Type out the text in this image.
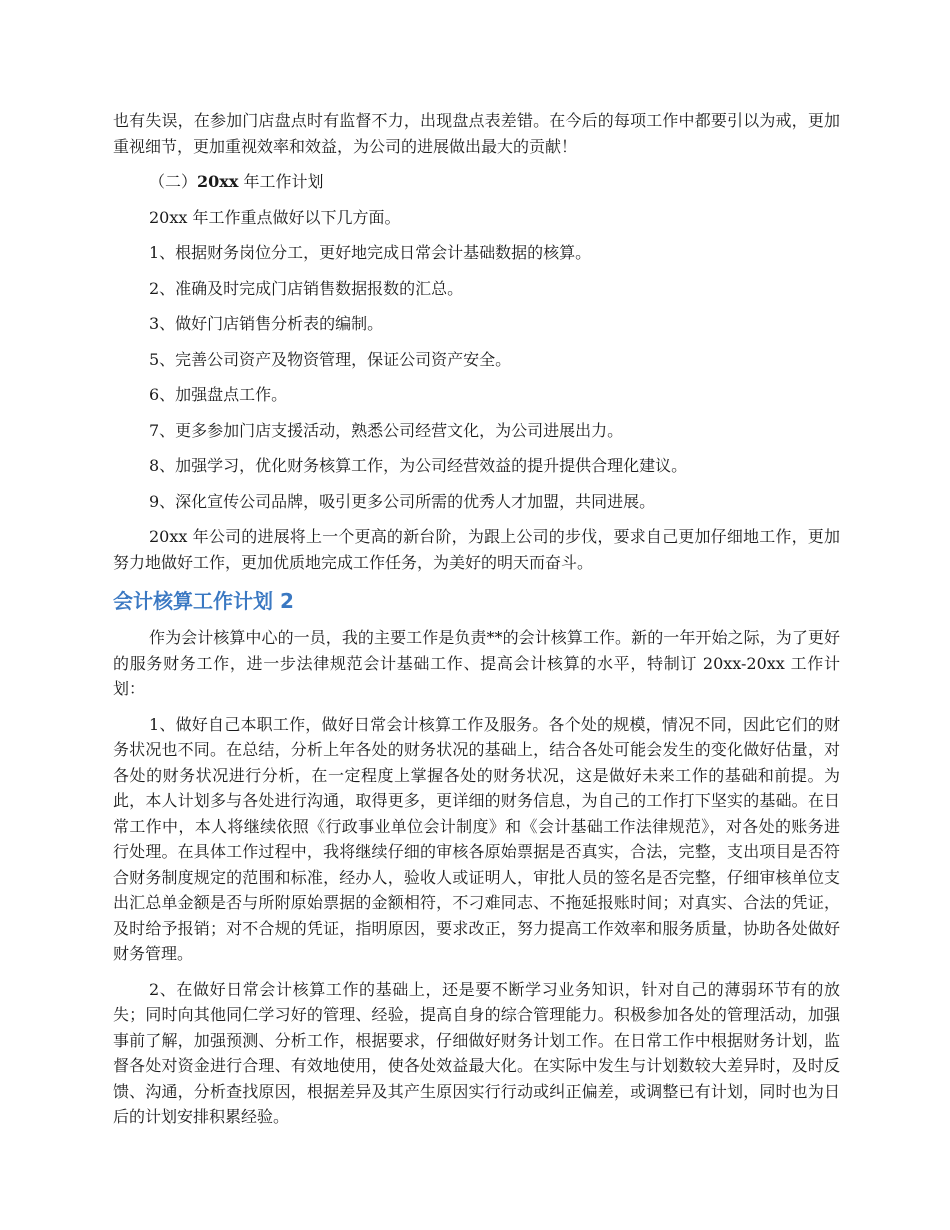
也有失误，在参加门店盘点时有监督不力，出现盘点表差错。在今后的每项工作中都要引以为戒，更加重视细节，更加重视效率和效益，为公司的进展做出最大的贡献！

（二）20xx 年工作计划

20xx 年工作重点做好以下几方面。

1、根据财务岗位分工，更好地完成日常会计基础数据的核算。

2、准确及时完成门店销售数据报数的汇总。

3、做好门店销售分析表的编制。

5、完善公司资产及物资管理，保证公司资产安全。

6、加强盘点工作。

7、更多参加门店支援活动，熟悉公司经营文化，为公司进展出力。

8、加强学习，优化财务核算工作，为公司经营效益的提升提供合理化建议。

9、深化宣传公司品牌，吸引更多公司所需的优秀人才加盟，共同进展。

20xx 年公司的进展将上一个更高的新台阶，为跟上公司的步伐，要求自己更加仔细地工作，更加努力地做好工作，更加优质地完成工作任务，为美好的明天而奋斗。

会计核算工作计划 2

作为会计核算中心的一员，我的主要工作是负责**的会计核算工作。新的一年开始之际，为了更好的服务财务工作，进一步法律规范会计基础工作、提高会计核算的水平，特制订 20xx-20xx 工作计划：

1、做好自己本职工作，做好日常会计核算工作及服务。各个处的规模，情况不同，因此它们的财务状况也不同。在总结，分析上年各处的财务状况的基础上，结合各处可能会发生的变化做好估量，对各处的财务状况进行分析，在一定程度上掌握各处的财务状况，这是做好未来工作的基础和前提。为此，本人计划多与各处进行沟通，取得更多，更详细的财务信息，为自己的工作打下坚实的基础。在日常工作中，本人将继续依照《行政事业单位会计制度》和《会计基础工作法律规范》，对各处的账务进行处理。在具体工作过程中，我将继续仔细的审核各原始票据是否真实，合法，完整，支出项目是否符合财务制度规定的范围和标准，经办人，验收人或证明人，审批人员的签名是否完整，仔细审核单位支出汇总单金额是否与所附原始票据的金额相符，不刁难同志、不拖延报账时间；对真实、合法的凭证，及时给予报销；对不合规的凭证，指明原因，要求改正，努力提高工作效率和服务质量，协助各处做好财务管理。

2、在做好日常会计核算工作的基础上，还是要不断学习业务知识，针对自己的薄弱环节有的放失；同时向其他同仁学习好的管理、经验，提高自身的综合管理能力。积极参加各处的管理活动，加强事前了解，加强预测、分析工作，根据要求，仔细做好财务计划工作。在日常工作中根据财务计划，监督各处对资金进行合理、有效地使用，使各处效益最大化。在实际中发生与计划数较大差异时，及时反馈、沟通，分析查找原因，根据差异及其产生原因实行行动或纠正偏差，或调整已有计划，同时也为日后的计划安排积累经验。
